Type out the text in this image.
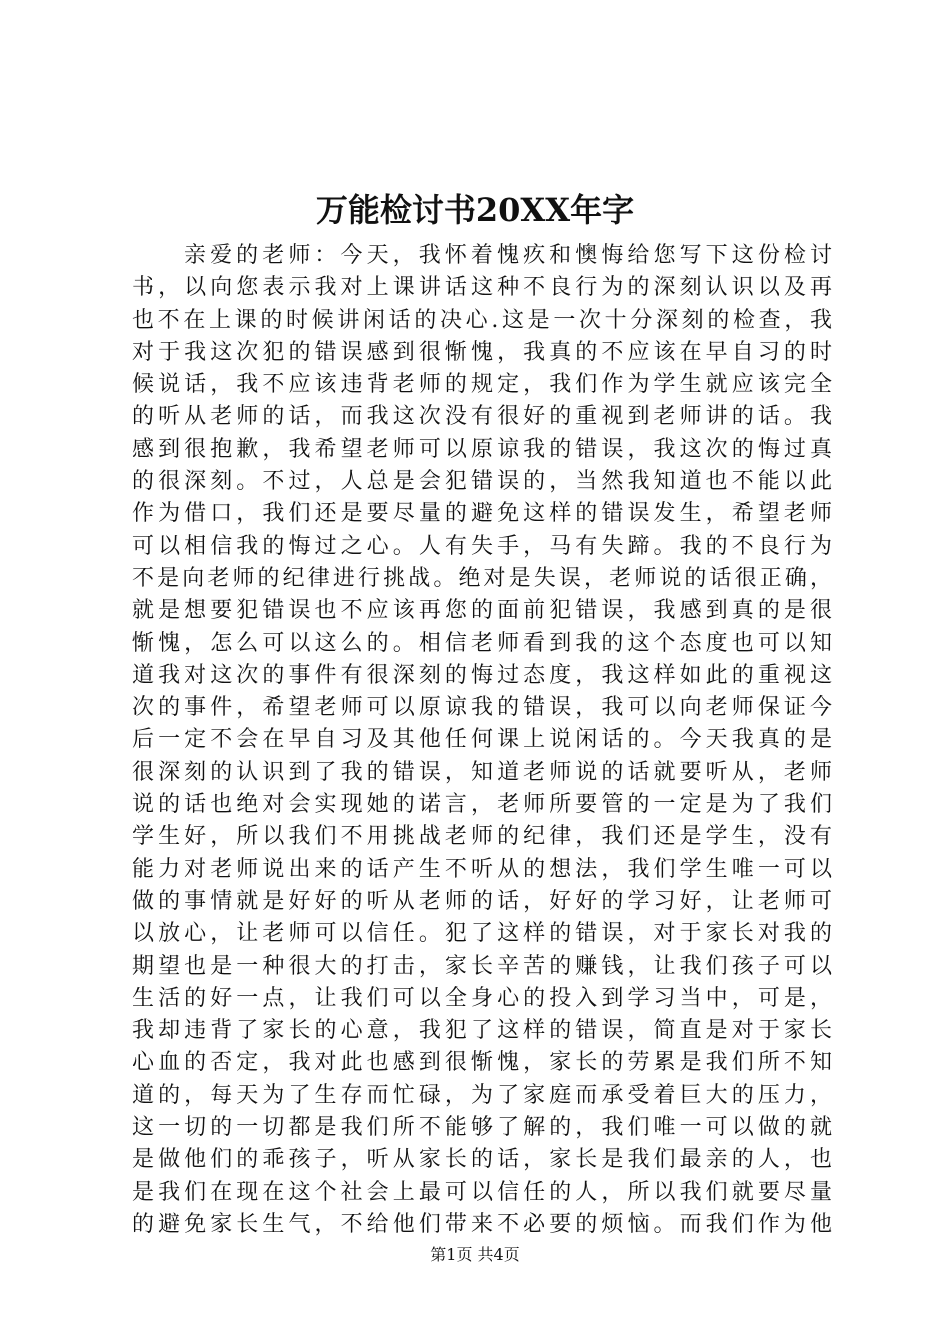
万能检讨书20XX年字
亲爱的老师：今天，我怀着愧疚和懊悔给您写下这份检讨
书，以向您表示我对上课讲话这种不良行为的深刻认识以及再
也不在上课的时候讲闲话的决心.这是一次十分深刻的检查，我
对于我这次犯的错误感到很惭愧，我真的不应该在早自习的时
候说话，我不应该违背老师的规定，我们作为学生就应该完全
的听从老师的话，而我这次没有很好的重视到老师讲的话。我
感到很抱歉，我希望老师可以原谅我的错误，我这次的悔过真
的很深刻。不过，人总是会犯错误的，当然我知道也不能以此
作为借口，我们还是要尽量的避免这样的错误发生，希望老师
可以相信我的悔过之心。人有失手，马有失蹄。我的不良行为
不是向老师的纪律进行挑战。绝对是失误，老师说的话很正确，
就是想要犯错误也不应该再您的面前犯错误，我感到真的是很
惭愧，怎么可以这么的。相信老师看到我的这个态度也可以知
道我对这次的事件有很深刻的悔过态度，我这样如此的重视这
次的事件，希望老师可以原谅我的错误，我可以向老师保证今
后一定不会在早自习及其他任何课上说闲话的。今天我真的是
很深刻的认识到了我的错误，知道老师说的话就要听从，老师
说的话也绝对会实现她的诺言，老师所要管的一定是为了我们
学生好，所以我们不用挑战老师的纪律，我们还是学生，没有
能力对老师说出来的话产生不听从的想法，我们学生唯一可以
做的事情就是好好的听从老师的话，好好的学习好，让老师可
以放心，让老师可以信任。犯了这样的错误，对于家长对我的
期望也是一种很大的打击，家长辛苦的赚钱，让我们孩子可以
生活的好一点，让我们可以全身心的投入到学习当中，可是，
我却违背了家长的心意，我犯了这样的错误，简直是对于家长
心血的否定，我对此也感到很惭愧，家长的劳累是我们所不知
道的，每天为了生存而忙碌，为了家庭而承受着巨大的压力，
这一切的一切都是我们所不能够了解的，我们唯一可以做的就
是做他们的乖孩子，听从家长的话，家长是我们最亲的人，也
是我们在现在这个社会上最可以信任的人，所以我们就要尽量
的避免家长生气，不给他们带来不必要的烦恼。而我们作为他
第1页 共4页
